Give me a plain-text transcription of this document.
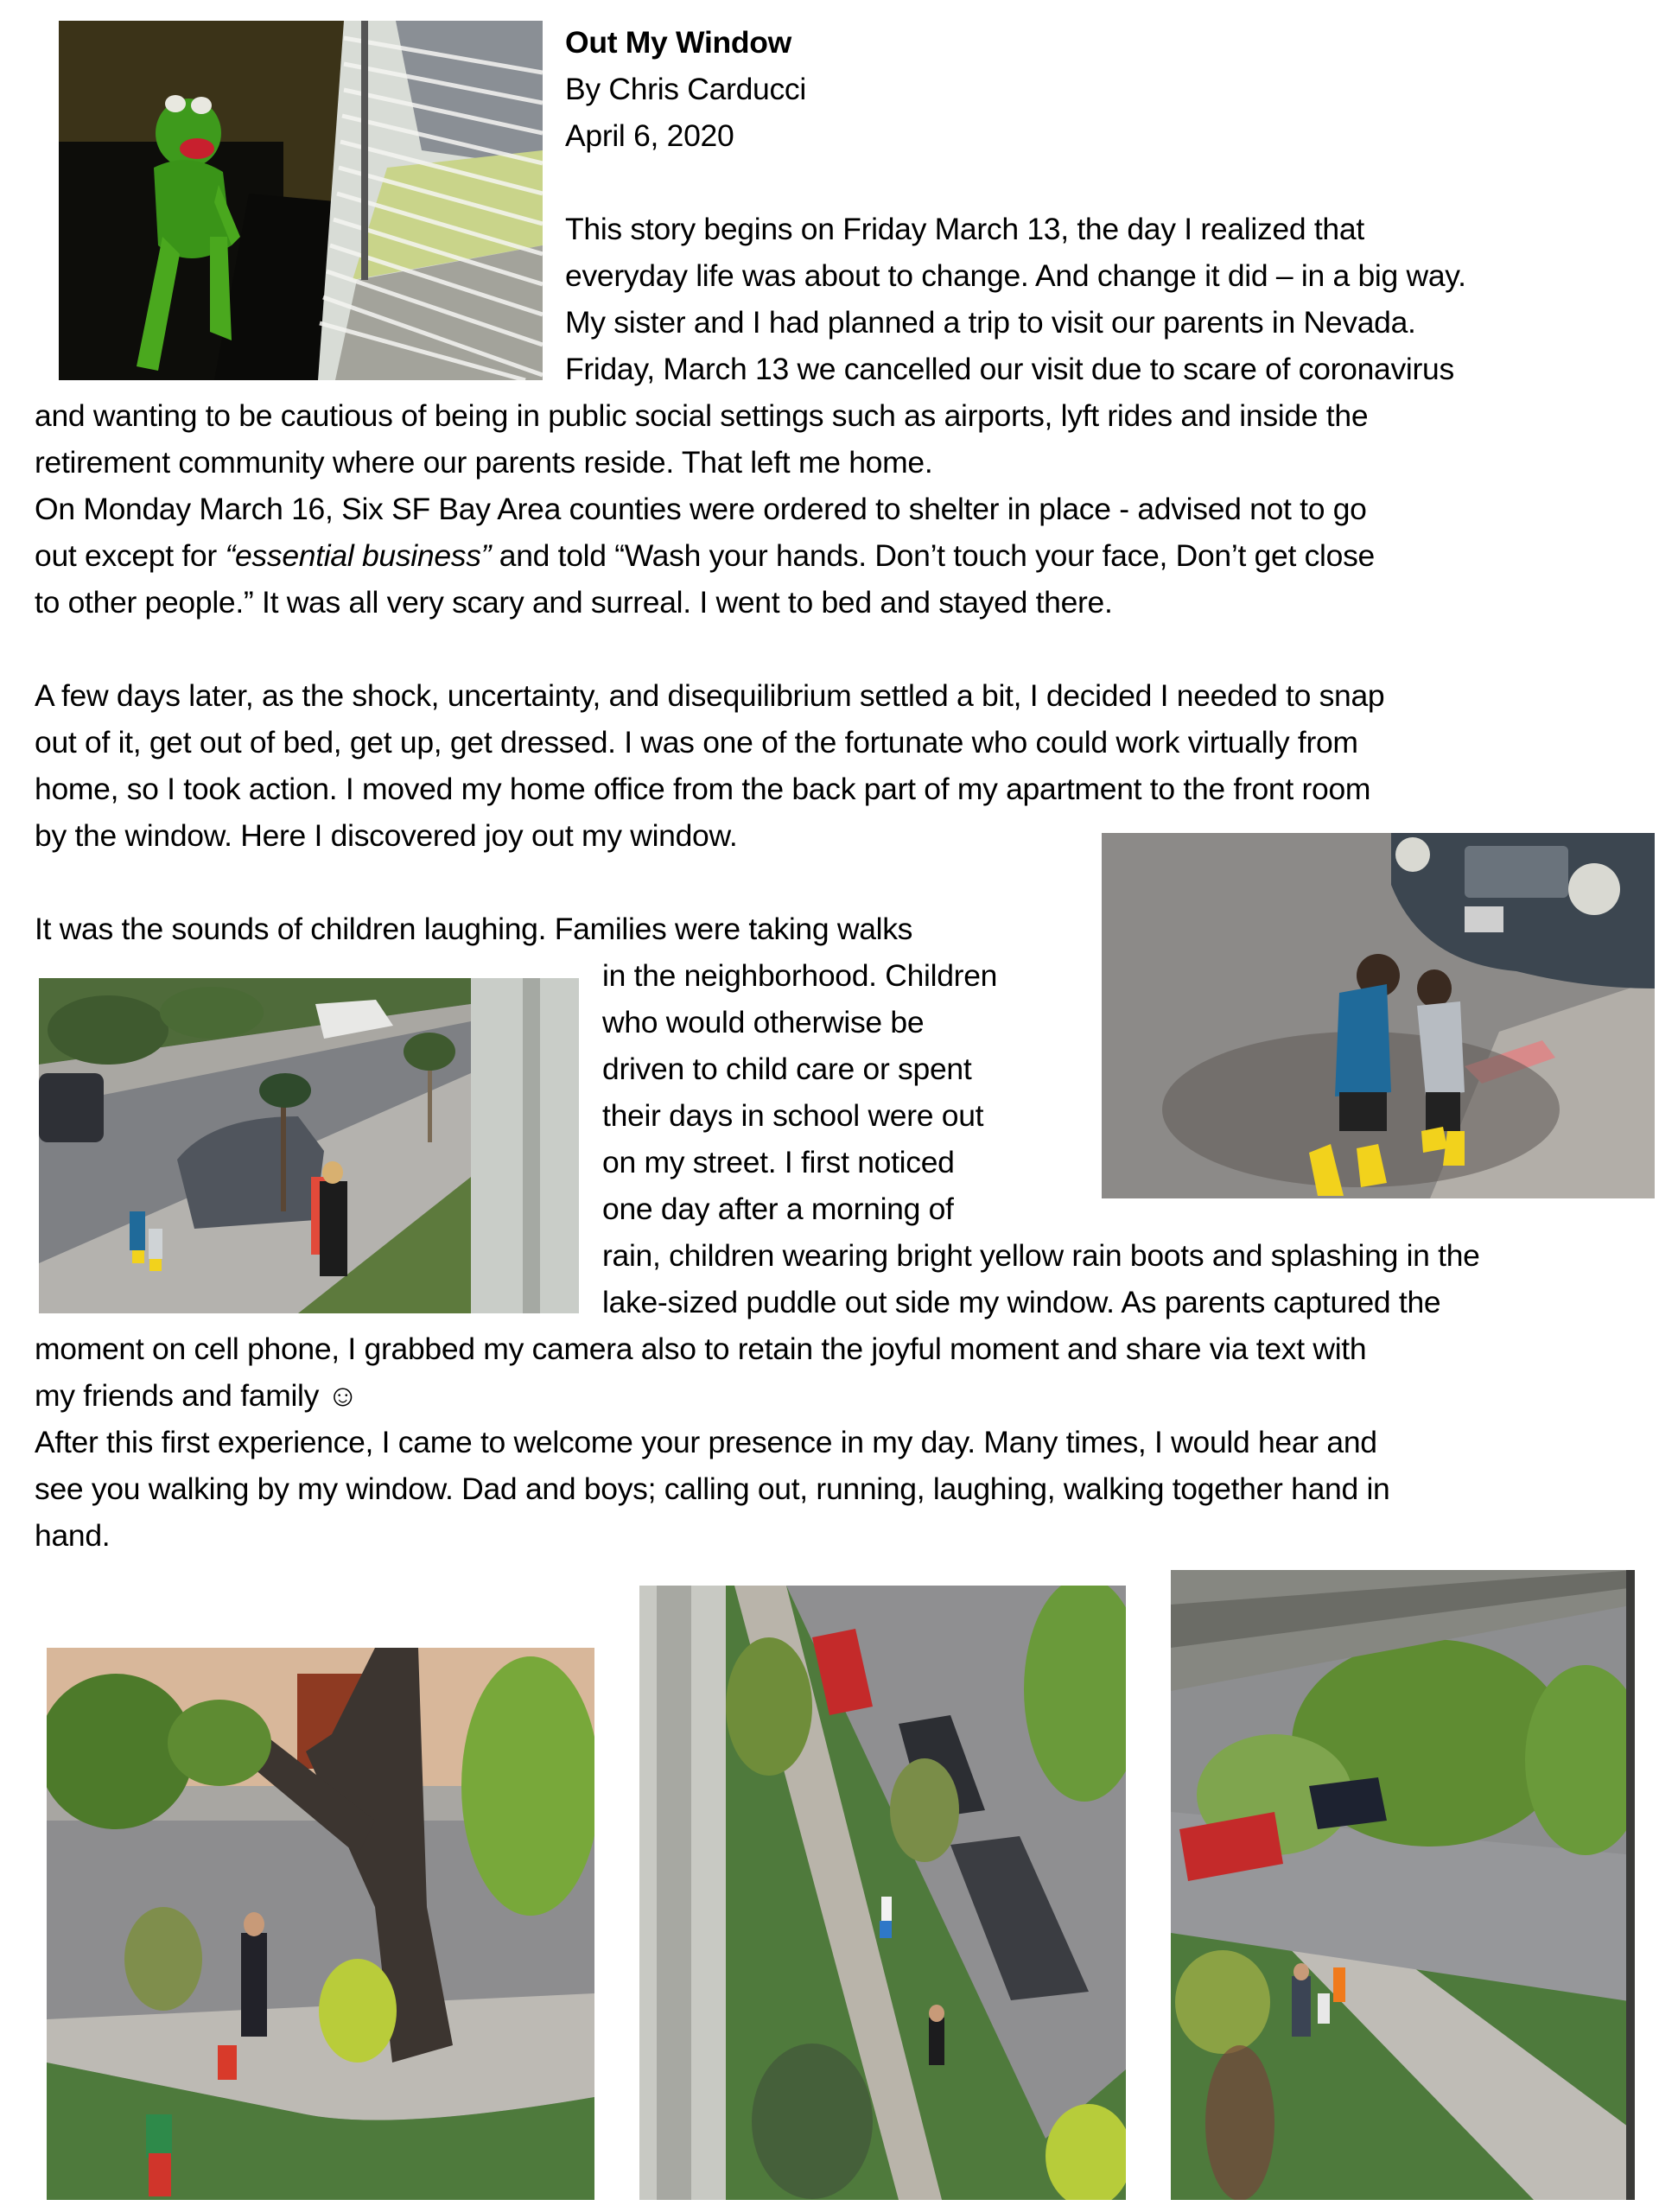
Out My Window
By Chris Carducci
April 6, 2020
This story begins on Friday March 13, the day I realized that
everyday life was about to change. And change it did – in a big way.
My sister and I had planned a trip to visit our parents in Nevada.
Friday, March 13 we cancelled our visit due to scare of coronavirus
and wanting to be cautious of being in public social settings such as airports, lyft rides and inside the
retirement community where our parents reside. That left me home.
On Monday March 16, Six SF Bay Area counties were ordered to shelter in place - advised not to go
out except for “essential business” and told “Wash your hands. Don’t touch your face, Don’t get close
to other people.” It was all very scary and surreal. I went to bed and stayed there.
A few days later, as the shock, uncertainty, and disequilibrium settled a bit, I decided I needed to snap
out of it, get out of bed, get up, get dressed. I was one of the fortunate who could work virtually from
home, so I took action. I moved my home office from the back part of my apartment to the front room
by the window. Here I discovered joy out my window.
It was the sounds of children laughing. Families were taking walks
in the neighborhood. Children
who would otherwise be
driven to child care or spent
their days in school were out
on my street. I first noticed
one day after a morning of
rain, children wearing bright yellow rain boots and splashing in the
lake-sized puddle out side my window. As parents captured the
moment on cell phone, I grabbed my camera also to retain the joyful moment and share via text with
my friends and family ☺
After this first experience, I came to welcome your presence in my day. Many times, I would hear and
see you walking by my window. Dad and boys; calling out, running, laughing, walking together hand in
hand.
